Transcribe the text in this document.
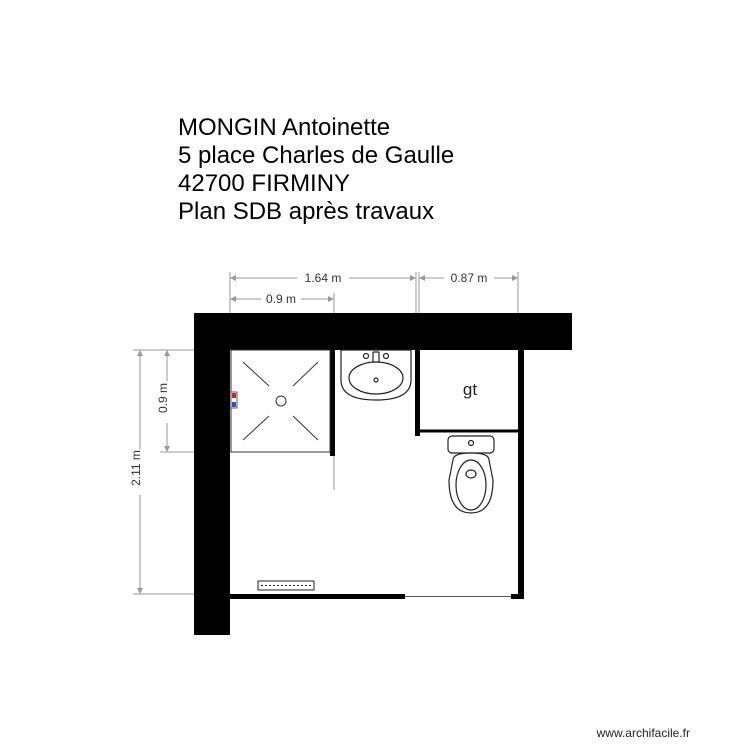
MONGIN Antoinette
5 place Charles de Gaulle
42700 FIRMINY
Plan SDB après travaux
1.64 m	0.87 m
0.9 m
0.9 m
2.11 m
gt
www.archifacile.fr
